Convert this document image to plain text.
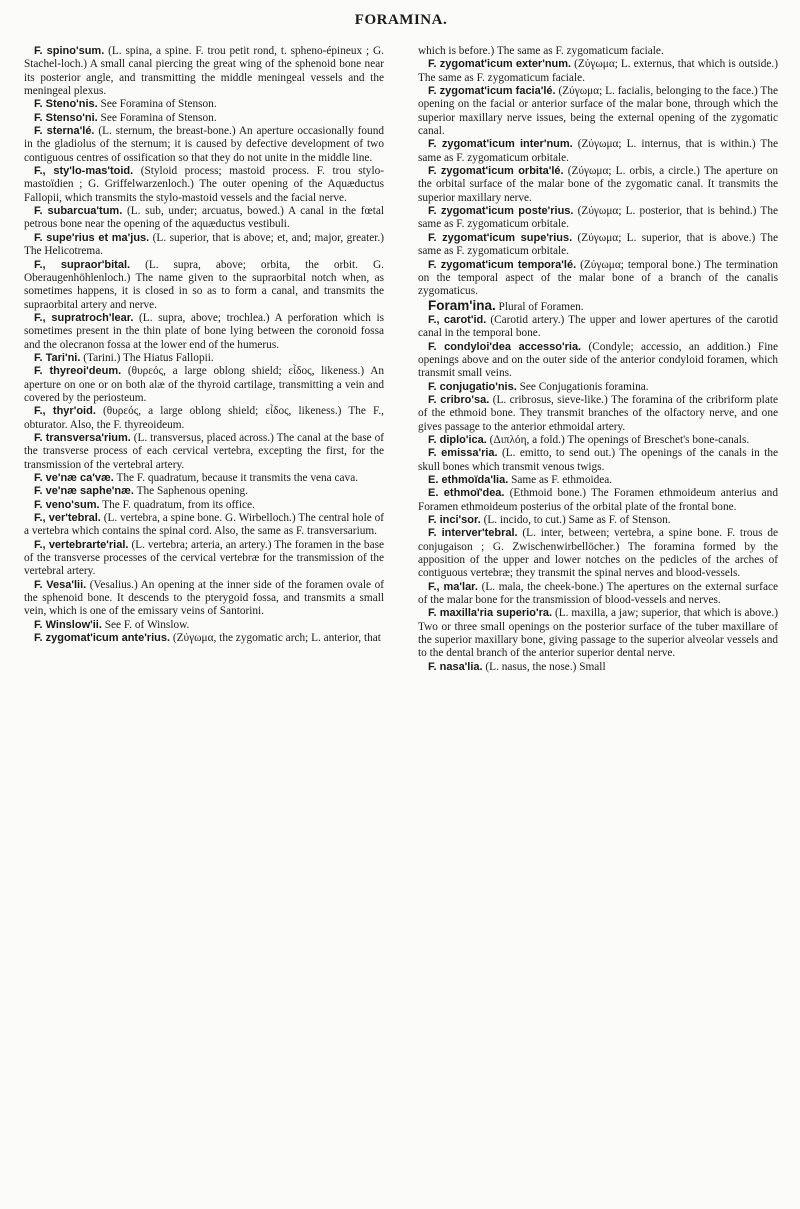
FORAMINA.

F. spino'sum. (L. spina, a spine. F. trou petit rond, t. spheno-épineux ; G. Stachel-loch.) A small canal piercing the great wing of the sphenoid bone near its posterior angle, and transmitting the middle meningeal vessels and the meningeal plexus.

F. Steno'nis. See Foramina of Stenson.

F. Stenso'ni. See Foramina of Stenson.

F. sterna'lé. (L. sternum, the breast-bone.) An aperture occasionally found in the gladiolus of the sternum; it is caused by defective development of two contiguous centres of ossification so that they do not unite in the middle line.

F., sty'lo-mas'toid. (Styloid process; mastoid process. F. trou stylo-mastoïdien ; G. Griffelwarzenloch.) The outer opening of the Aquæductus Fallopii, which transmits the stylo-mastoid vessels and the facial nerve.

F. subarcua'tum. (L. sub, under; arcuatus, bowed.) A canal in the fœtal petrous bone near the opening of the aquæductus vestibuli.

F. supe'rius et ma'jus. (L. superior, that is above; et, and; major, greater.) The Helicotrema.

F., supraor'bital. (L. supra, above; orbita, the orbit. G. Oberaugenhöhlenloch.) The name given to the supraorbital notch when, as sometimes happens, it is closed in so as to form a canal, and transmits the supraorbital artery and nerve.

F., supratroch'lear. (L. supra, above; trochlea.) A perforation which is sometimes present in the thin plate of bone lying between the coronoid fossa and the olecranon fossa at the lower end of the humerus.

F. Tari'ni. (Tarini.) The Hiatus Fallopii.

F. thyreoi'deum. (θυρεός, a large oblong shield; εἶδος, likeness.) An aperture on one or on both alæ of the thyroid cartilage, transmitting a vein and covered by the periosteum.

F., thyr'oid. (θυρεός, a large oblong shield; εἶδος, likeness.) The F., obturator. Also, the F. thyreoideum.

F. transversa'rium. (L. transversus, placed across.) The canal at the base of the transverse process of each cervical vertebra, excepting the first, for the transmission of the vertebral artery.

F. ve'næ ca'væ. The F. quadratum, because it transmits the vena cava.

F. ve'næ saphe'næ. The Saphenous opening.

F. veno'sum. The F. quadratum, from its office.

F., ver'tebral. (L. vertebra, a spine bone. G. Wirbelloch.) The central hole of a vertebra which contains the spinal cord. Also, the same as F. transversarium.

F., vertebrarte'rial. (L. vertebra; arteria, an artery.) The foramen in the base of the transverse processes of the cervical vertebræ for the transmission of the vertebral artery.

F. Vesa'lii. (Vesalius.) An opening at the inner side of the foramen ovale of the sphenoid bone. It descends to the pterygoid fossa, and transmits a small vein, which is one of the emissary veins of Santorini.

F. Winslow'ii. See F. of Winslow.

F. zygomat'icum ante'rius. (Ζύγωμα, the zygomatic arch; L. anterior, that

which is before.) The same as F. zygomaticum faciale.

F. zygomat'icum exter'num. (Ζύγωμα; L. externus, that which is outside.) The same as F. zygomaticum faciale.

F. zygomat'icum facia'lé. (Ζύγωμα; L. facialis, belonging to the face.) The opening on the facial or anterior surface of the malar bone, through which the superior maxillary nerve issues, being the external opening of the zygomatic canal.

F. zygomat'icum inter'num. (Ζύγωμα; L. internus, that is within.) The same as F. zygomaticum orbitale.

F. zygomat'icum orbita'lé. (Ζύγωμα; L. orbis, a circle.) The aperture on the orbital surface of the malar bone of the zygomatic canal. It transmits the superior maxillary nerve.

F. zygomat'icum poste'rius. (Ζύγωμα; L. posterior, that is behind.) The same as F. zygomaticum orbitale.

F. zygomat'icum supe'rius. (Ζύγωμα; L. superior, that is above.) The same as F. zygomaticum orbitale.

F. zygomat'icum tempora'lé. (Ζύγωμα; temporal bone.) The termination on the temporal aspect of the malar bone of a branch of the canalis zygomaticus.

Foram'ina. Plural of Foramen.

F., carot'id. (Carotid artery.) The upper and lower apertures of the carotid canal in the temporal bone.

F. condyloi'dea accesso'ria. (Condyle; accessio, an addition.) Fine openings above and on the outer side of the anterior condyloid foramen, which transmit small veins.

F. conjugatio'nis. See Conjugationis foramina.

F. cribro'sa. (L. cribrosus, sieve-like.) The foramina of the cribriform plate of the ethmoid bone. They transmit branches of the olfactory nerve, and one gives passage to the anterior ethmoidal artery.

F. diplo'ica. (Διπλόη, a fold.) The openings of Breschet's bone-canals.

F. emissa'ria. (L. emitto, to send out.) The openings of the canals in the skull bones which transmit venous twigs.

E. ethmoïda'lia. Same as F. ethmoidea.

E. ethmoï'dea. (Ethmoid bone.) The Foramen ethmoideum anterius and Foramen ethmoideum posterius of the orbital plate of the frontal bone.

F. inci'sor. (L. incido, to cut.) Same as F. of Stenson.

F. interver'tebral. (L. inter, between; vertebra, a spine bone. F. trous de conjugaison ; G. Zwischenwirbellöcher.) The foramina formed by the apposition of the upper and lower notches on the pedicles of the arches of contiguous vertebræ; they transmit the spinal nerves and blood-vessels.

F., ma'lar. (L. mala, the cheek-bone.) The apertures on the external surface of the malar bone for the transmission of blood-vessels and nerves.

F. maxilla'ria superio'ra. (L. maxilla, a jaw; superior, that which is above.) Two or three small openings on the posterior surface of the tuber maxillare of the superior maxillary bone, giving passage to the superior alveolar vessels and to the dental branch of the anterior superior dental nerve.

F. nasa'lia. (L. nasus, the nose.) Small
